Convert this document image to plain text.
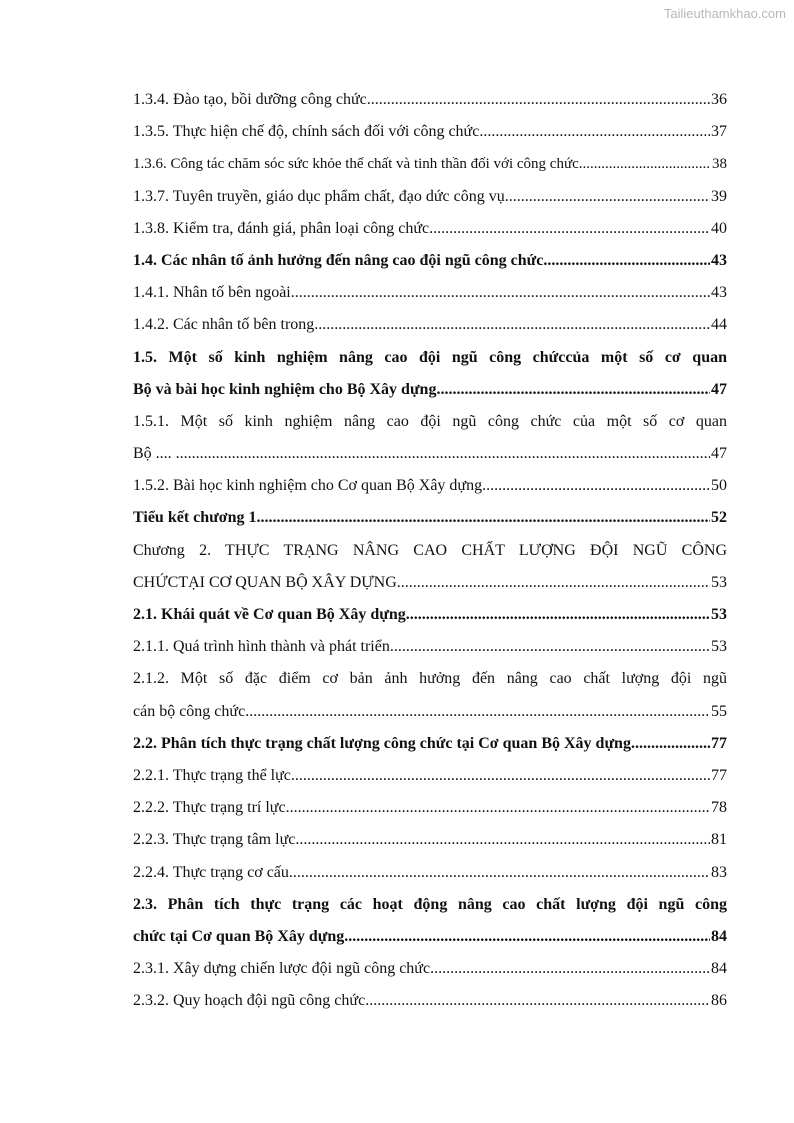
Tailieuthamkhao.com
1.3.4. Đào tạo, bồi dưỡng công chức .....	36
1.3.5. Thực hiện chế độ, chính sách đối với công chức .....	37
1.3.6. Công tác chăm sóc sức khỏe thể chất và tinh thần đối với công chức .....	38
1.3.7. Tuyên truyền, giáo dục phẩm chất, đạo dức công vụ .....	39
1.3.8. Kiểm tra, đánh giá, phân loại công chức .....	40
1.4. Các nhân tố ảnh hưởng đến nâng cao đội ngũ công chức .....	43
1.4.1. Nhân tố bên ngoài .....	43
1.4.2. Các nhân tố bên trong .....	44
1.5. Một số kinh nghiệm nâng cao đội ngũ công chứccủa một số cơ quan
Bộ và bài học kinh nghiệm cho Bộ Xây dựng .....	47
1.5.1. Một số kinh nghiệm nâng cao đội ngũ công chức của một số cơ quan
Bộ .... ... .....	47
1.5.2. Bài học kinh nghiệm cho Cơ quan Bộ Xây dựng .....	50
Tiểu kết chương 1 .....	52
Chương 2. THỰC TRẠNG NÂNG CAO CHẤT LƯỢNG ĐỘI NGŨ CÔNG
CHỨCTẠI CƠ QUAN BỘ XÂY DỰNG .....	53
2.1. Khái quát về Cơ quan Bộ Xây dựng .....	53
2.1.1. Quá trình hình thành và phát triển .....	53
2.1.2. Một số đặc điểm cơ bản ảnh hưởng đến nâng cao chất lượng đội ngũ
cán bộ công chức .....	55
2.2. Phân tích thực trạng chất lượng công chức tại Cơ quan Bộ Xây dựng .....	77
2.2.1. Thực trạng thể lực .....	77
2.2.2. Thực trạng trí lực .....	78
2.2.3. Thực trạng tâm lực .....	81
2.2.4. Thực trạng cơ cấu .....	83
2.3. Phân tích thực trạng các hoạt động nâng cao chất lượng đội ngũ công
chức tại Cơ quan Bộ Xây dựng .....	84
2.3.1. Xây dựng chiến lược đội ngũ công chức .....	84
2.3.2. Quy hoạch đội ngũ công chức .....	86
